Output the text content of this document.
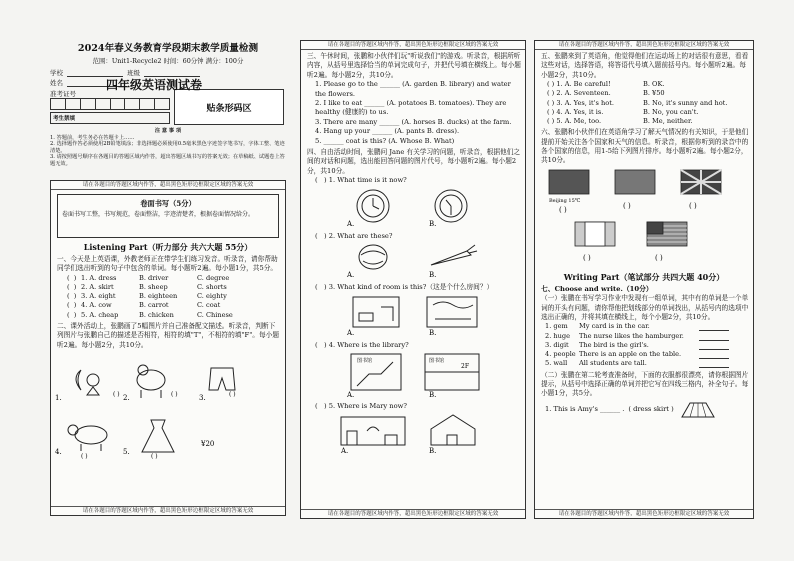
2024年春义务教育学段期末教学质量检测
范围：Unit1-Recycle2 时间：60分钟 满分：100分
学校	班级
姓名
准考证号
考生禁填
贴条形码区
注 意 事 项
1. 答题前，考生务必在答题卡上……
2. 选择题作答必须使用2B铅笔填涂；非选择题必须使用0.5毫米黑色字迹签字笔书写，字体工整、笔迹清楚。
3. 请按照题号顺序在各题目的答题区域内作答，超出答题区域书写的答案无效；在草稿纸、试题卷上答题无效。
请在各题目的答题区域内作答，超出黑色矩形边框限定区域的答案无效
卷面书写（5分）
卷面书写工整，书写规范，卷面整洁，字迹清楚者，根据卷面情况给分。
Listening Part（听力部分 共六大题 55分）
一、今天是上英语课，外教老师正在带学生们练习发音。听录音，请你帮助同学们选出听到的句子中包含的单词。每小题听2遍。每小题1分，共5分。
(  ) 1. A. dress	B. driver	C. degree
(  ) 2. A. skirt	B. sheep	C. shorts
(  ) 3. A. eight	B. eighteen	C. eighty
(  ) 4. A. cow	B. carrot	C. coat
(  ) 5. A. cheap	B. chicken	C. Chinese
二、课外活动上，张鹏画了5幅图片并自己准备配文描述。听录音，判断下列图片与张鹏自己的描述是否相符，相符的填"T"，不相符的填"F"。每小题听2遍。每小题2分，共10分。
1.	2.	3.
4.	5.
( )	( )	( )
( )	( )
¥20
请在各题目的答题区域内作答，超出黑色矩形边框限定区域的答案无效
请在各题目的答题区域内作答，超出黑色矩形边框限定区域的答案无效
三、午休时间，张鹏和小伙伴们玩"听说我们"的游戏。听录音，根据所听内容，从括号里选择恰当的单词完成句子，并把代号填在横线上。每小题听2遍。每小题2分，共10分。
1. Please go to the ______ (A. garden B. library) and water the flowers.
2. I like to eat ______ (A. potatoes B. tomatoes). They are healthy (健康的) to us.
3. There are many ______ (A. horses B. ducks) at the farm.
4. Hang up your ______ (A. pants B. dress).
5. ______ coat is this? (A. Whose B. What)
四、自由活动时间，张鹏问 Jane 有关学习的问题，听录音，根据他们之间的对话和问题，选出能回答问题的图片代号，每小题听2遍。每小题2分，共10分。
(   ) 1. What time is it now?
A.	B.
(   ) 2. What are these?
A.	B.
(   ) 3. What kind of room is this?（这是个什么房间？）
A.	B.
(   ) 4. Where is the library?
图书馆	图书馆
2F
A.	B.
(   ) 5. Where is Mary now?
A.	B.
请在各题目的答题区域内作答，超出黑色矩形边框限定区域的答案无效
请在各题目的答题区域内作答，超出黑色矩形边框限定区域的答案无效
五、张鹏来到了英语角，他觉得他们在运动场上的对话很有意思，看看这些对话，选择答语，将答语代号填入题前括号内。每小题听2遍。每小题2分，共10分。
( ) 1. A. Be careful!	B. OK.
( ) 2. A. Seventeen.	B. ¥50
( ) 3. A. Yes, it's hot.	B. No, it's sunny and hot.
( ) 4. A. Yes, it is.	B. No, you can't.
( ) 5. A. Me, too.	B. Me, neither.
六、张鹏和小伙伴们在英语角学习了解天气情况的有关知识，于是他们提前开始关注各个国家和天气的信息。听录音，根据你听到的录音中的各个国家的信息，用1-5给下列图片排序。每小题听2遍。每小题2分，共10分。
Beijing 15℃
( )	( )	( )
( )	( )
Writing Part（笔试部分 共四大题 40分）
七、Choose and write.（10分）
（一）张鹏在书写学习作业中发现有一组单词，其中有的单词是一个单词的开头有问题，请你帮他把划线部分的单词找出，从括号内的选项中选出正确的，并将其填在横线上，每个小题2分，共10分。
1. gem	My card is in the car.
2. huge	The nurse likes the hamburger.
3. digit	The bird is the girl's.
4. people There is an apple on the table.
5. wall	All students are tall.
（二）张鹏在第二轮考查准备时，下面的衣服都很漂亮，请你根据图片提示，从括号中选择正确的单词并把它写在四线三格内，补全句子。每小题1分，共5分。
1. This is Amy's ______ . ( dress skirt )
请在各题目的答题区域内作答，超出黑色矩形边框限定区域的答案无效
四年级英语测试卷
